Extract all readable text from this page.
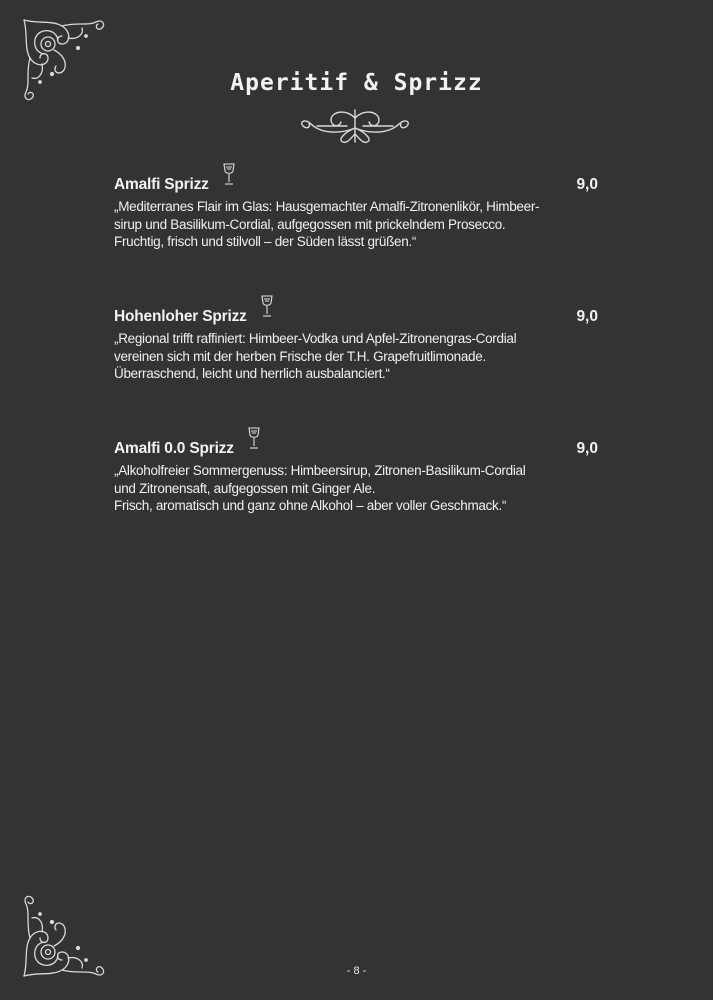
Aperitif & Sprizz
Amalfi Sprizz	9,0
„Mediterranes Flair im Glas: Hausgemachter Amalfi-Zitronenlikör, Himbeer-
sirup und Basilikum-Cordial, aufgegossen mit prickelndem Prosecco.
Fruchtig, frisch und stilvoll – der Süden lässt grüßen.“
Hohenloher Sprizz	9,0
„Regional trifft raffiniert: Himbeer-Vodka und Apfel-Zitronengras-Cordial
vereinen sich mit der herben Frische der T.H. Grapefruitlimonade.
Überraschend, leicht und herrlich ausbalanciert.“
Amalfi 0.0 Sprizz	9,0
„Alkoholfreier Sommergenuss: Himbeersirup, Zitronen-Basilikum-Cordial
und Zitronensaft, aufgegossen mit Ginger Ale.
Frisch, aromatisch und ganz ohne Alkohol – aber voller Geschmack.“
- 8 -
